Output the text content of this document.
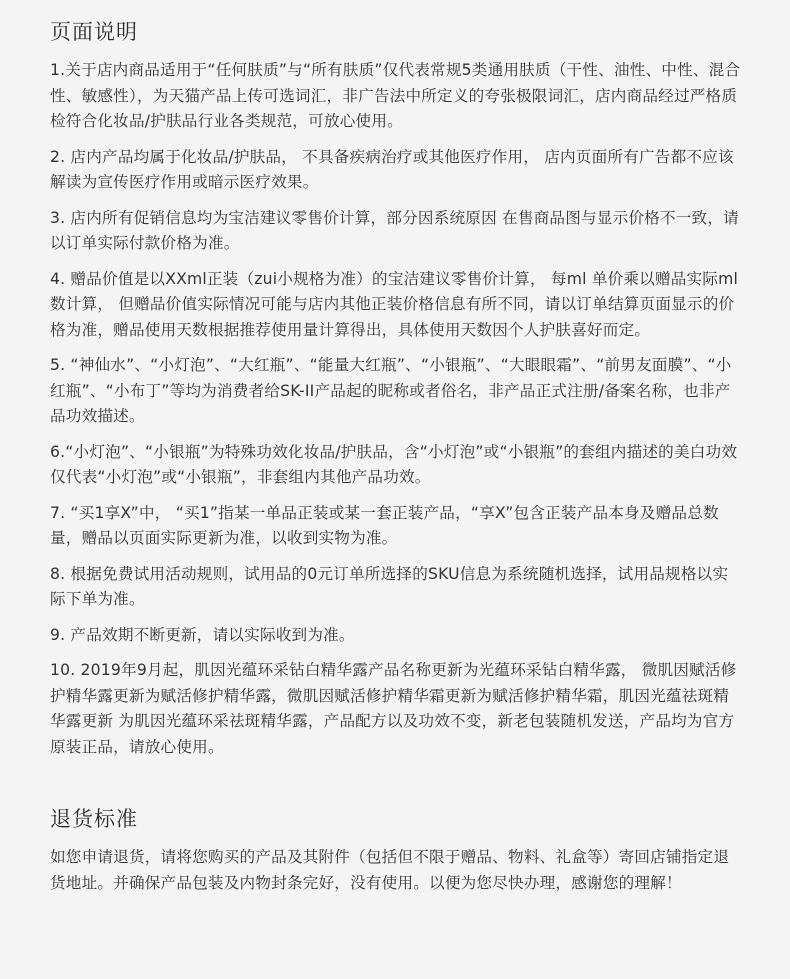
页面说明

1.关于店内商品适用于“任何肤质”与“所有肤质”仅代表常规5类通用肤质（干性、油性、中性、混合性、敏感性），为天猫产品上传可选词汇，非广告法中所定义的夸张极限词汇，店内商品经过严格质检符合化妆品/护肤品行业各类规范，可放心使用。

2. 店内产品均属于化妆品/护肤品， 不具备疾病治疗或其他医疗作用， 店内页面所有广告都不应该解读为宣传医疗作用或暗示医疗效果。

3. 店内所有促销信息均为宝洁建议零售价计算，部分因系统原因 在售商品图与显示价格不一致，请以订单实际付款价格为准。

4. 赠品价值是以XXml正装（zui小规格为准）的宝洁建议零售价计算， 每ml 单价乘以赠品实际ml数计算， 但赠品价值实际情况可能与店内其他正装价格信息有所不同，请以订单结算页面显示的价格为准，赠品使用天数根据推荐使用量计算得出，具体使用天数因个人护肤喜好而定。

5. “神仙水”、“小灯泡”、“大红瓶”、“能量大红瓶”、“小银瓶”、“大眼眼霜”、“前男友面膜”、“小红瓶”、“小布丁”等均为消费者给SK-II产品起的昵称或者俗名，非产品正式注册/备案名称，也非产品功效描述。

6.“小灯泡”、“小银瓶”为特殊功效化妆品/护肤品，含“小灯泡”或“小银瓶”的套组内描述的美白功效仅代表“小灯泡”或“小银瓶”，非套组内其他产品功效。

7. “买1享X”中， “买1”指某一单品正装或某一套正装产品，“享X”包含正装产品本身及赠品总数量，赠品以页面实际更新为准，以收到实物为准。

8. 根据免费试用活动规则，试用品的0元订单所选择的SKU信息为系统随机选择，试用品规格以实际下单为准。

9. 产品效期不断更新，请以实际收到为准。

10. 2019年9月起，肌因光蕴环采钻白精华露产品名称更新为光蕴环采钻白精华露， 微肌因赋活修护精华露更新为赋活修护精华露，微肌因赋活修护精华霜更新为赋活修护精华霜，肌因光蕴祛斑精华露更新 为肌因光蕴环采祛斑精华露，产品配方以及功效不变，新老包装随机发送，产品均为官方原装正品，请放心使用。

退货标准

如您申请退货，请将您购买的产品及其附件（包括但不限于赠品、物料、礼盒等）寄回店铺指定退货地址。并确保产品包装及内物封条完好，没有使用。以便为您尽快办理，感谢您的理解！
